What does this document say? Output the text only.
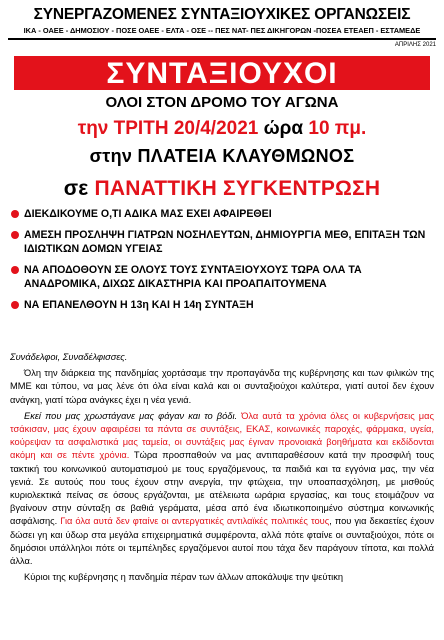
ΣΥΝΕΡΓΑΖΟΜΕΝΕΣ ΣΥΝΤΑΞΙΟΥΧΙΚΕΣ ΟΡΓΑΝΩΣΕΙΣ
ΙΚΑ - ΟΑΕΕ - ΔΗΜΟΣΙΟΥ - ΠΟΣΕ ΟΑΕΕ - ΕΛΤΑ - ΟΣΕ -- ΠΕΣ ΝΑΤ- ΠΕΣ ΔΙΚΗΓΟΡΩΝ -ΠΟΣΕΑ ΕΤΕΑΕΠ - ΕΣΤΑΜΕΔΕ
ΑΠΡΙΛΗΣ 2021
ΣΥΝΤΑΞΙΟΥΧΟΙ
ΟΛΟΙ ΣΤΟΝ ΔΡΟΜΟ ΤΟΥ ΑΓΩΝΑ
την ΤΡΙΤΗ 20/4/2021 ώρα 10 πμ.
στην ΠΛΑΤΕΙΑ ΚΛΑΥΘΜΩΝΟΣ
σε ΠΑΝΑΤΤΙΚΗ ΣΥΓΚΕΝΤΡΩΣΗ
ΔΙΕΚΔΙΚΟΥΜΕ Ο,ΤΙ ΑΔΙΚΑ ΜΑΣ ΕΧΕΙ ΑΦΑΙΡΕΘΕΙ
ΑΜΕΣΗ ΠΡΟΣΛΗΨΗ ΓΙΑΤΡΩΝ ΝΟΣΗΛΕΥΤΩΝ, ΔΗΜΙΟΥΡΓΙΑ ΜΕΘ, ΕΠΙΤΑΞΗ ΤΩΝ ΙΔΙΩΤΙΚΩΝ ΔΟΜΩΝ ΥΓΕΙΑΣ
ΝΑ ΑΠΟΔΟΘΟΥΝ ΣΕ ΟΛΟΥΣ ΤΟΥΣ ΣΥΝΤΑΞΙΟΥΧΟΥΣ ΤΩΡΑ ΟΛΑ ΤΑ ΑΝΑΔΡΟΜΙΚΑ, ΔΙΧΩΣ ΔΙΚΑΣΤΗΡΙΑ ΚΑΙ ΠΡΟΑΠΑΙΤΟΥΜΕΝΑ
ΝΑ ΕΠΑΝΕΛΘΟΥΝ Η 13η ΚΑΙ Η 14η ΣΥΝΤΑΞΗ

Συνάδελφοι, Συναδέλφισσες.

Όλη την διάρκεια της πανδημίας χορτάσαμε την προπαγάνδα της κυβέρνησης και των φιλικών της ΜΜΕ και τύπου, να μας λένε ότι όλα είναι καλά και οι συνταξιούχοι καλύτερα, γιατί αυτοί δεν έχουν ανάγκη, γιατί τώρα ανάγκες έχει η νέα γενιά.

Εκεί που μας χρωστάγανε μας φάγαν και το βόδι. Όλα αυτά τα χρόνια όλες οι κυβερνήσεις μας τσάκισαν, μας έχουν αφαιρέσει τα πάντα σε συντάξεις, ΕΚΑΣ, κοινωνικές παροχές, φάρμακα, υγεία, κούρεψαν τα ασφαλιστικά μας ταμεία, οι συντάξεις μας έγιναν προνοιακά βοηθήματα και εκδίδονται ακόμη και σε πέντε χρόνια. Τώρα προσπαθούν να μας αντιπαραθέσουν κατά την προσφιλή τους τακτική του κοινωνικού αυτοματισμού με τους εργαζόμενους, τα παιδιά και τα εγγόνια μας, την νέα γενιά. Σε αυτούς που τους έχουν στην ανεργία, την φτώχεια, την υποαπασχόληση, με μισθούς κυριολεκτικά πείνας σε όσους εργάζονται, με ατέλειωτα ωράρια εργασίας, και τους ετοιμάζουν να βγαίνουν στην σύνταξη σε βαθιά γεράματα, μέσα από ένα ιδιωτικοποιημένο σύστημα κοινωνικής ασφάλισης. Για όλα αυτά δεν φταίνε οι αντεργατικές αντιλαϊκές πολιτικές τους, που για δεκαετίες έχουν δώσει γη και ύδωρ στα μεγάλα επιχειρηματικά συμφέροντα, αλλά πότε φταίνε οι συνταξιούχοι, πότε οι δημόσιοι υπάλληλοι πότε οι τεμπέληδες εργαζόμενοι αυτοί που τάχα δεν παράγουν τίποτα, και πολλά άλλα.

Κύριοι της κυβέρνησης η πανδημία πέραν των άλλων αποκάλυψε την ψεύτικη
